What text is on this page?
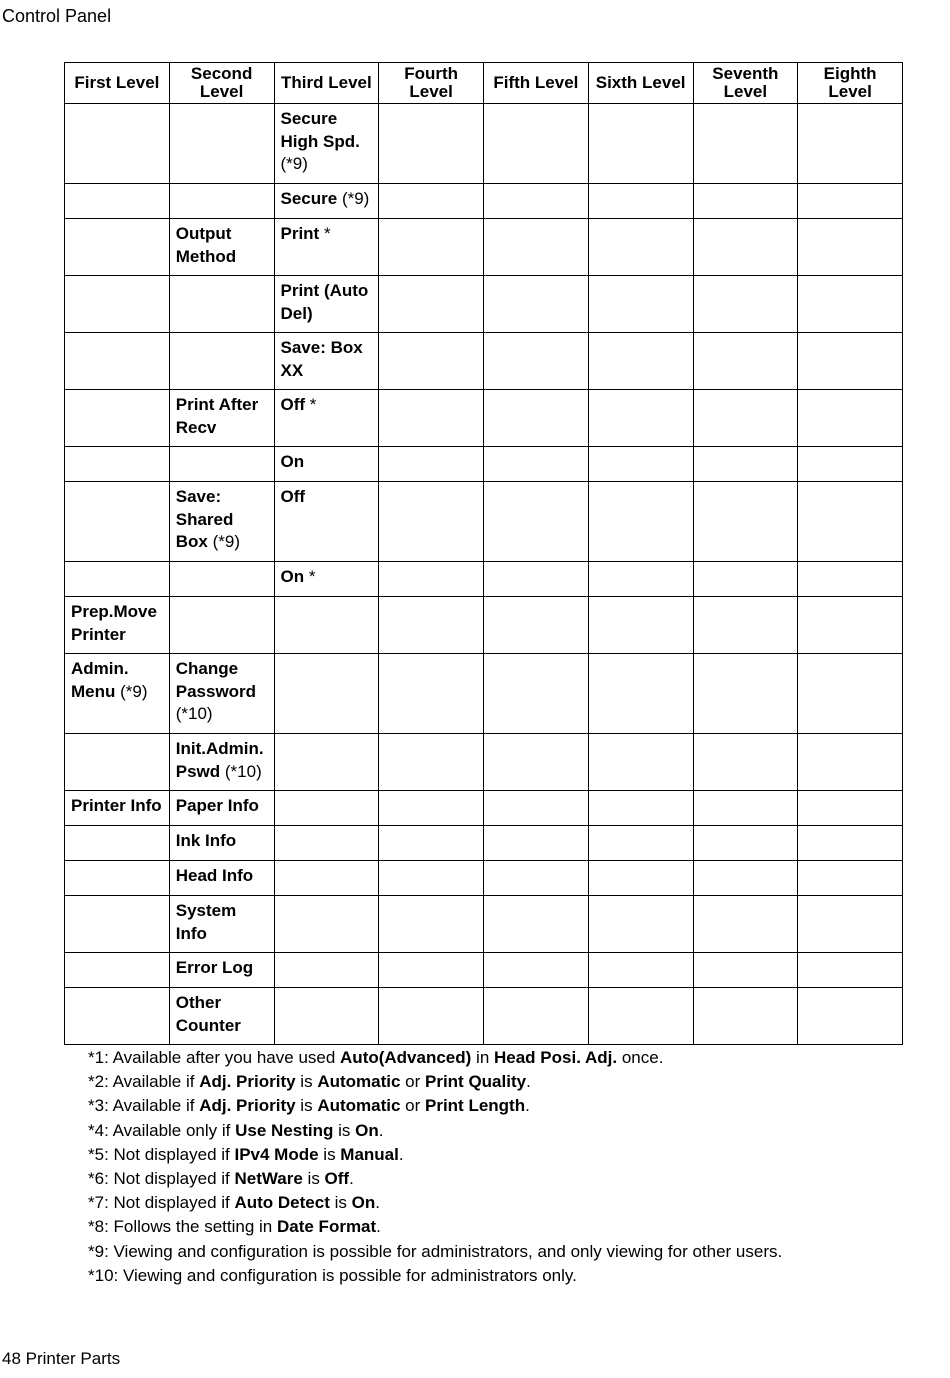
Control Panel
First Level	Second Level	Third Level	Fourth Level	Fifth Level	Sixth Level	Seventh Level	Eighth Level
		Secure High Spd. (*9)					
		Secure (*9)					
	Output Method	Print *					
		Print (Auto Del)					
		Save: Box XX					
	Print After Recv	Off *					
		On					
	Save: Shared Box (*9)	Off					
		On *					
Prep.Move Printer							
Admin. Menu (*9)	Change Password (*10)						
	Init.Admin. Pswd (*10)						
Printer Info	Paper Info						
	Ink Info						
	Head Info						
	System Info						
	Error Log						
	Other Counter						
*1: Available after you have used Auto(Advanced) in Head Posi. Adj. once.
*2: Available if Adj. Priority is Automatic or Print Quality.
*3: Available if Adj. Priority is Automatic or Print Length.
*4: Available only if Use Nesting is On.
*5: Not displayed if IPv4 Mode is Manual.
*6: Not displayed if NetWare is Off.
*7: Not displayed if Auto Detect is On.
*8: Follows the setting in Date Format.
*9: Viewing and configuration is possible for administrators, and only viewing for other users.
*10: Viewing and configuration is possible for administrators only.
48 Printer Parts
